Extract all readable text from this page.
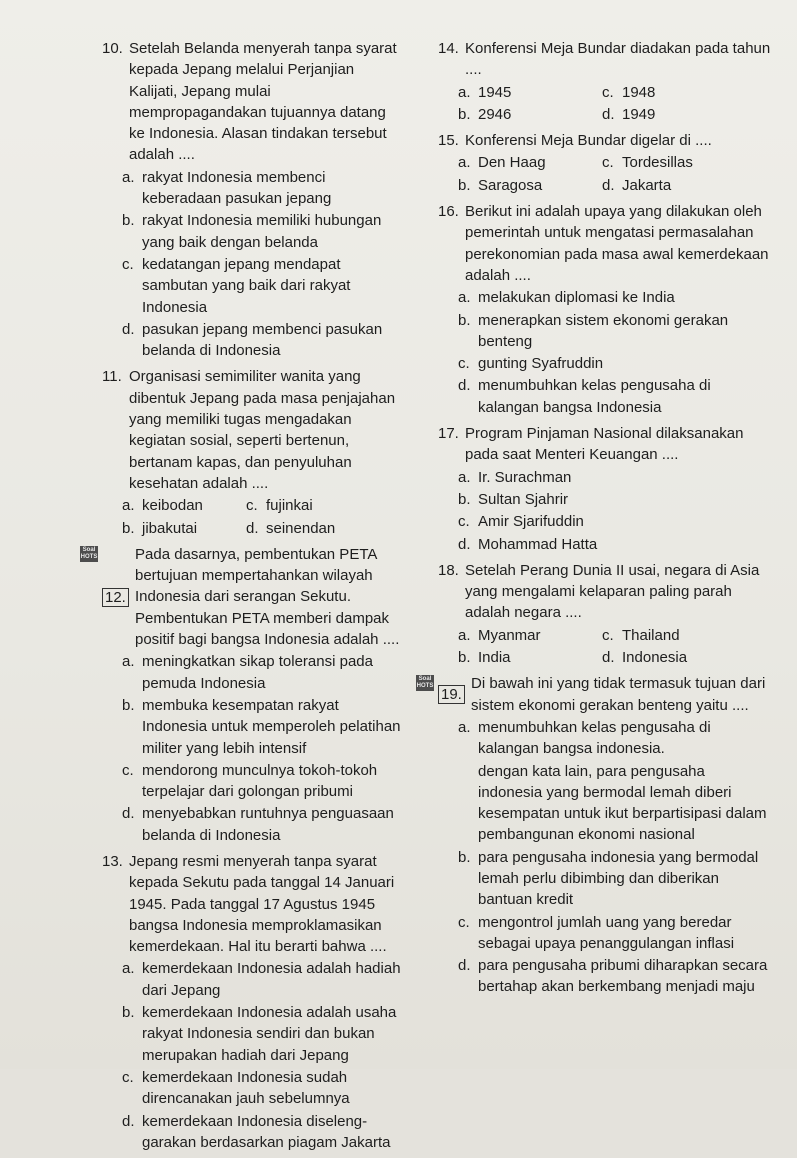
10. Setelah Belanda menyerah tanpa syarat kepada Jepang melalui Perjanjian Kalijati, Jepang mulai mempropagandakan tujuannya datang ke Indonesia. Alasan tindakan tersebut adalah ....
a. rakyat Indonesia membenci keberadaan pasukan jepang
b. rakyat Indonesia memiliki hubungan yang baik dengan belanda
c. kedatangan jepang mendapat sambutan yang baik dari rakyat Indonesia
d. pasukan jepang membenci pasukan belanda di Indonesia
11. Organisasi semimiliter wanita yang dibentuk Jepang pada masa penjajahan yang memiliki tugas mengadakan kegiatan sosial, seperti bertenun, bertanam kapas, dan penyuluhan kesehatan adalah ....
a. keibodan	c. fujinkai
b. jibakutai	d. seinendan
Soal HOTS
12.
Pada dasarnya, pembentukan PETA bertujuan mempertahankan wilayah Indonesia dari serangan Sekutu. Pembentukan PETA memberi dampak positif bagi bangsa Indonesia adalah ....
a. meningkatkan sikap toleransi pada pemuda Indonesia
b. membuka kesempatan rakyat Indonesia untuk memperoleh pelatihan militer yang lebih intensif
c. mendorong munculnya tokoh-tokoh terpelajar dari golongan pribumi
d. menyebabkan runtuhnya penguasaan belanda di Indonesia
13. Jepang resmi menyerah tanpa syarat kepada Sekutu pada tanggal 14 Januari 1945. Pada tanggal 17 Agustus 1945 bangsa Indonesia memproklamasikan kemerdekaan. Hal itu berarti bahwa ....
a. kemerdekaan Indonesia adalah hadiah dari Jepang
b. kemerdekaan Indonesia adalah usaha rakyat Indonesia sendiri dan bukan merupakan hadiah dari Jepang
c. kemerdekaan Indonesia sudah direncanakan jauh sebelumnya
d. kemerdekaan Indonesia diseleng-garakan berdasarkan piagam Jakarta
14. Konferensi Meja Bundar diadakan pada tahun ....
a. 1945	c. 1948
b. 2946	d. 1949
15. Konferensi Meja Bundar digelar di ....
a. Den Haag	c. Tordesillas
b. Saragosa	d. Jakarta
16. Berikut ini adalah upaya yang dilakukan oleh pemerintah untuk mengatasi permasalahan perekonomian pada masa awal kemerdekaan adalah ....
a. melakukan diplomasi ke India
b. menerapkan sistem ekonomi gerakan benteng
c. gunting Syafruddin
d. menumbuhkan kelas pengusaha di kalangan bangsa Indonesia
17. Program Pinjaman Nasional dilaksanakan pada saat Menteri Keuangan ....
a. Ir. Surachman
b. Sultan Sjahrir
c. Amir Sjarifuddin
d. Mohammad Hatta
18. Setelah Perang Dunia II usai, negara di Asia yang mengalami kelaparan paling parah adalah negara ....
a. Myanmar	c. Thailand
b. India	d. Indonesia
Soal HOTS 19.
Di bawah ini yang tidak termasuk tujuan dari sistem ekonomi gerakan benteng yaitu ....
a. menumbuhkan kelas pengusaha di kalangan bangsa indonesia.
dengan kata lain, para pengusaha indonesia yang bermodal lemah diberi kesempatan untuk ikut berpartisipasi dalam pembangunan ekonomi nasional
b. para pengusaha indonesia yang bermodal lemah perlu dibimbing dan diberikan bantuan kredit
c. mengontrol jumlah uang yang beredar sebagai upaya penanggulangan inflasi
d. para pengusaha pribumi diharapkan secara bertahap akan berkembang menjadi maju
